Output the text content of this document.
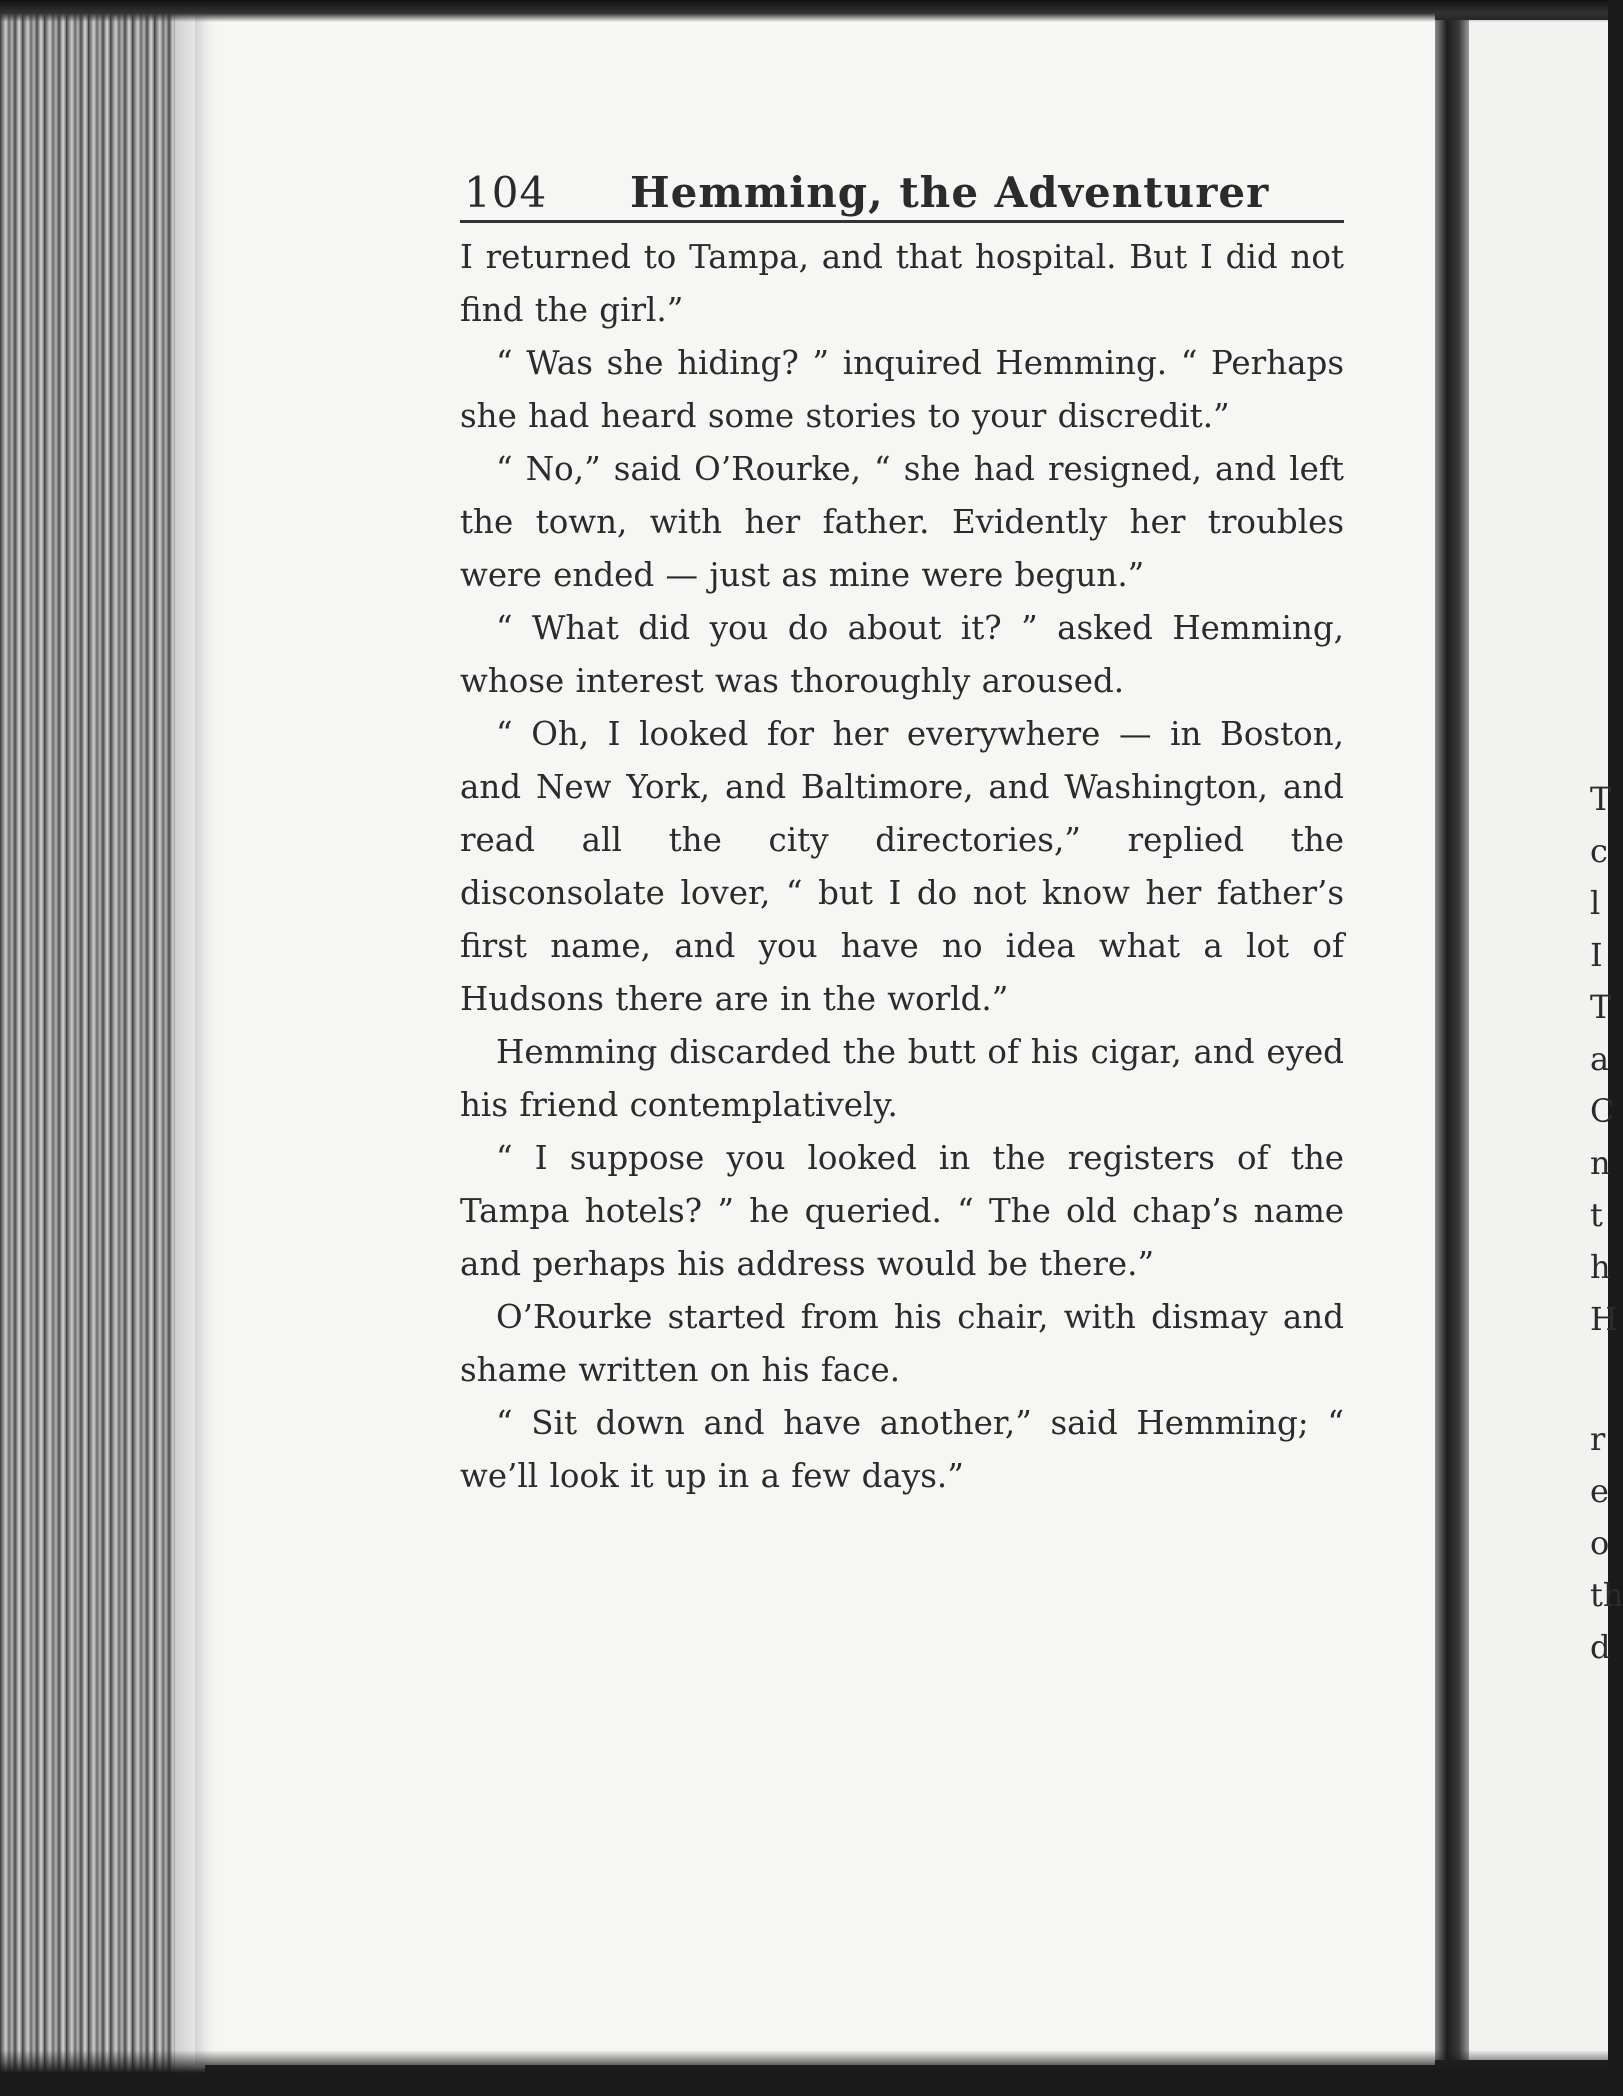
104 Hemming, the Adventurer

I returned to Tampa, and that hospital. But I did not find the girl.”

“ Was she hiding? ” inquired Hemming. “ Perhaps she had heard some stories to your discredit.”

“ No,” said O’Rourke, “ she had resigned, and left the town, with her father. Evidently her troubles were ended — just as mine were begun.”

“ What did you do about it? ” asked Hemming, whose interest was thoroughly aroused.

“ Oh, I looked for her everywhere — in Boston, and New York, and Baltimore, and Washington, and read all the city directories,” replied the disconsolate lover, “ but I do not know her father’s first name, and you have no idea what a lot of Hudsons there are in the world.”

Hemming discarded the butt of his cigar, and eyed his friend contemplatively.

“ I suppose you looked in the registers of the Tampa hotels? ” he queried. “ The old chap’s name and perhaps his address would be there.”

O’Rourke started from his chair, with dismay and shame written on his face.

“ Sit down and have another,” said Hemming; “ we’ll look it up in a few days.”

T
c
l
I
T
a
C
n
t
h
H
r
e
o
th
d
